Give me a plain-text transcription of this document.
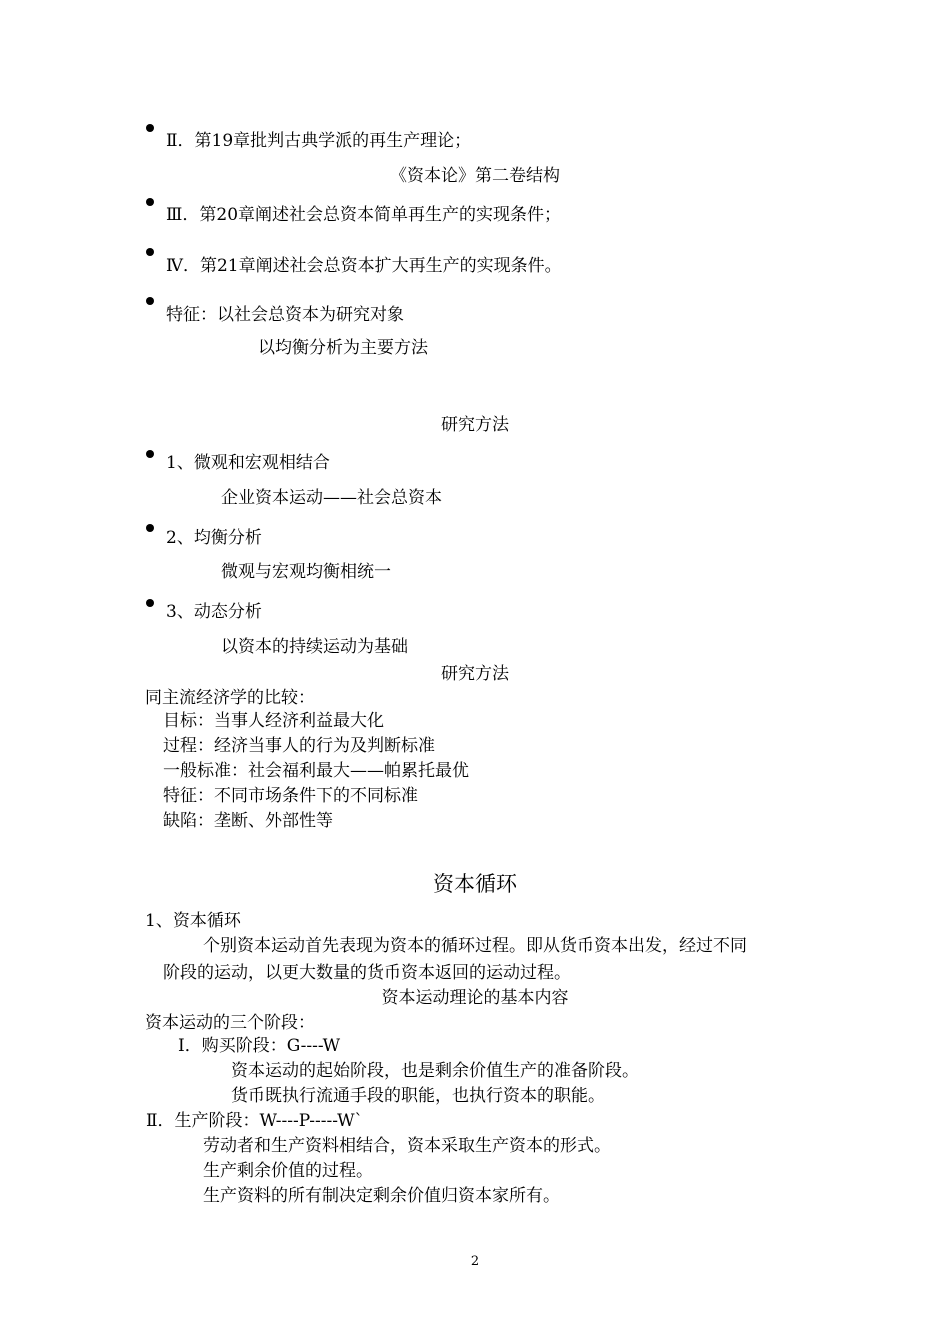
Ⅱ．第19章批判古典学派的再生产理论；
《资本论》第二卷结构
Ⅲ．第20章阐述社会总资本简单再生产的实现条件；
Ⅳ．第21章阐述社会总资本扩大再生产的实现条件。
特征：以社会总资本为研究对象
以均衡分析为主要方法
研究方法
1、微观和宏观相结合
企业资本运动——社会总资本
2、均衡分析
微观与宏观均衡相统一
3、动态分析
以资本的持续运动为基础
研究方法
同主流经济学的比较：
目标：当事人经济利益最大化
过程：经济当事人的行为及判断标准
一般标准：社会福利最大——帕累托最优
特征：不同市场条件下的不同标准
缺陷：垄断、外部性等
资本循环
1、资本循环
个别资本运动首先表现为资本的循环过程。即从货币资本出发，经过不同
阶段的运动，以更大数量的货币资本返回的运动过程。
资本运动理论的基本内容
资本运动的三个阶段：
Ⅰ．购买阶段：G----W
资本运动的起始阶段，也是剩余价值生产的准备阶段。
货币既执行流通手段的职能，也执行资本的职能。
Ⅱ．生产阶段：W----P-----W`
劳动者和生产资料相结合，资本采取生产资本的形式。
生产剩余价值的过程。
生产资料的所有制决定剩余价值归资本家所有。
2
